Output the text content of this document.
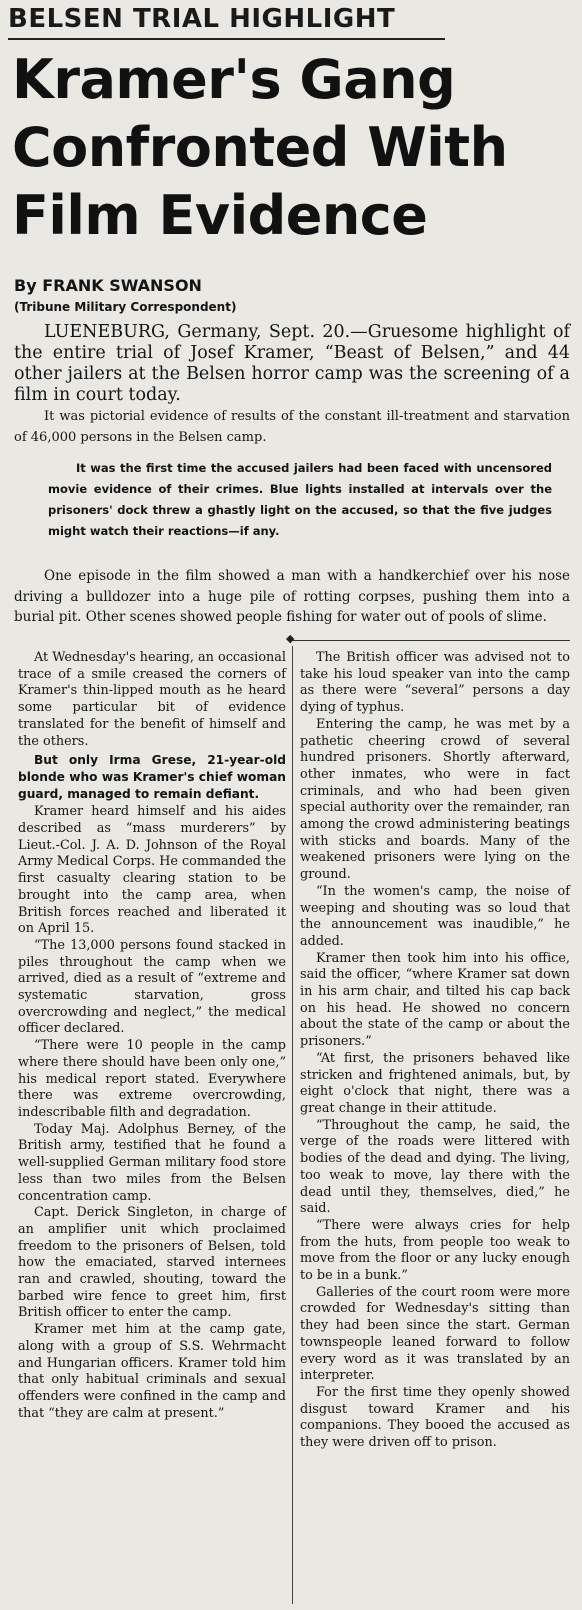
BELSEN TRIAL HIGHLIGHT
Kramer's Gang
Confronted With
Film Evidence
By FRANK SWANSON
(Tribune Military Correspondent)
LUENEBURG, Germany, Sept. 20.—Gruesome highlight of the entire trial of Josef Kramer, “Beast of Belsen,” and 44 other jailers at the Belsen horror camp was the screening of a film in court today.
It was pictorial evidence of results of the constant ill-treatment and starvation of 46,000 persons in the Belsen camp.
It was the first time the accused jailers had been faced with uncensored movie evidence of their crimes. Blue lights installed at intervals over the prisoners' dock threw a ghastly light on the accused, so that the five judges might watch their reactions—if any.
One episode in the film showed a man with a handkerchief over his nose driving a bulldozer into a huge pile of rotting corpses, pushing them into a burial pit. Other scenes showed people fishing for water out of pools of slime.
◆

At Wednesday's hearing, an occasional trace of a smile creased the corners of Kramer's thin-lipped mouth as he heard some particular bit of evidence translated for the benefit of himself and the others.

But only Irma Grese, 21-year-old blonde who was Kramer's chief woman guard, managed to remain defiant.

Kramer heard himself and his aides described as “mass murderers” by Lieut.-Col. J. A. D. Johnson of the Royal Army Medical Corps. He commanded the first casualty clearing station to be brought into the camp area, when British forces reached and liberated it on April 15.

“The 13,000 persons found stacked in piles throughout the camp when we arrived, died as a result of “extreme and systematic starvation, gross overcrowding and neglect,” the medical officer declared.

“There were 10 people in the camp where there should have been only one,” his medical report stated. Everywhere there was extreme overcrowding, indescribable filth and degradation.

Today Maj. Adolphus Berney, of the British army, testified that he found a well-supplied German military food store less than two miles from the Belsen concentration camp.

Capt. Derick Singleton, in charge of an amplifier unit which proclaimed freedom to the prisoners of Belsen, told how the emaciated, starved internees ran and crawled, shouting, toward the barbed wire fence to greet him, first British officer to enter the camp.

Kramer met him at the camp gate, along with a group of S.S. Wehrmacht and Hungarian officers. Kramer told him that only habitual criminals and sexual offenders were confined in the camp and that “they are calm at present.”

The British officer was advised not to take his loud speaker van into the camp as there were “several” persons a day dying of typhus.

Entering the camp, he was met by a pathetic cheering crowd of several hundred prisoners. Shortly afterward, other inmates, who were in fact criminals, and who had been given special authority over the remainder, ran among the crowd administering beatings with sticks and boards. Many of the weakened prisoners were lying on the ground.

“In the women's camp, the noise of weeping and shouting was so loud that the announcement was inaudible,” he added.

Kramer then took him into his office, said the officer, “where Kramer sat down in his arm chair, and tilted his cap back on his head. He showed no concern about the state of the camp or about the prisoners.”

“At first, the prisoners behaved like stricken and frightened animals, but, by eight o'clock that night, there was a great change in their attitude.

“Throughout the camp, he said, the verge of the roads were littered with bodies of the dead and dying. The living, too weak to move, lay there with the dead until they, themselves, died,” he said.

“There were always cries for help from the huts, from people too weak to move from the floor or any lucky enough to be in a bunk.”

Galleries of the court room were more crowded for Wednesday's sitting than they had been since the start. German townspeople leaned forward to follow every word as it was translated by an interpreter.

For the first time they openly showed disgust toward Kramer and his companions. They booed the accused as they were driven off to prison.
